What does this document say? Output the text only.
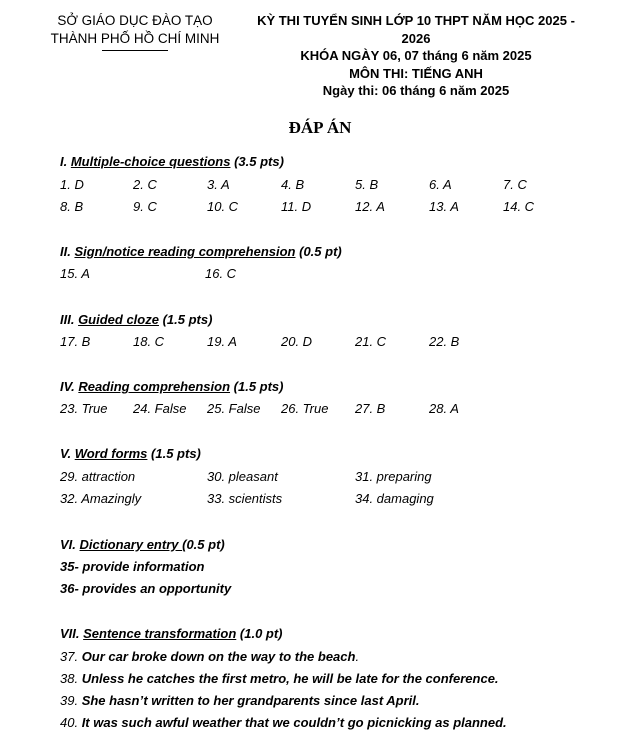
SỞ GIÁO DỤC ĐÀO TẠO
THÀNH PHỐ HỒ CHÍ MINH
KỲ THI TUYỂN SINH LỚP 10 THPT NĂM HỌC 2025 - 2026
KHÓA NGÀY 06, 07 tháng 6 năm 2025
MÔN THI: TIẾNG ANH
Ngày thi: 06 tháng 6 năm 2025
ĐÁP ÁN
I. Multiple-choice questions (3.5 pts)
1. D	2. C	3. A	4. B	5. B	6. A	7. C
8. B	9. C	10. C	11. D	12. A	13. A	14. C
II. Sign/notice reading comprehension (0.5 pt)
15. A	16. C
III. Guided cloze (1.5 pts)
17. B	18. C	19. A	20. D	21. C	22. B
IV. Reading comprehension (1.5 pts)
23. True 24. False 25. False 26. True 27. B	28. A
V. Word forms (1.5 pts)
29. attraction	30. pleasant	31. preparing
32. Amazingly	33. scientists	34. damaging
VI. Dictionary entry (0.5 pt)
35- provide information
36- provides an opportunity
VII. Sentence transformation (1.0 pt)
37. Our car broke down on the way to the beach.
38. Unless he catches the first metro, he will be late for the conference.
39. She hasn’t written to her grandparents since last April.
40. It was such awful weather that we couldn’t go picnicking as planned.
